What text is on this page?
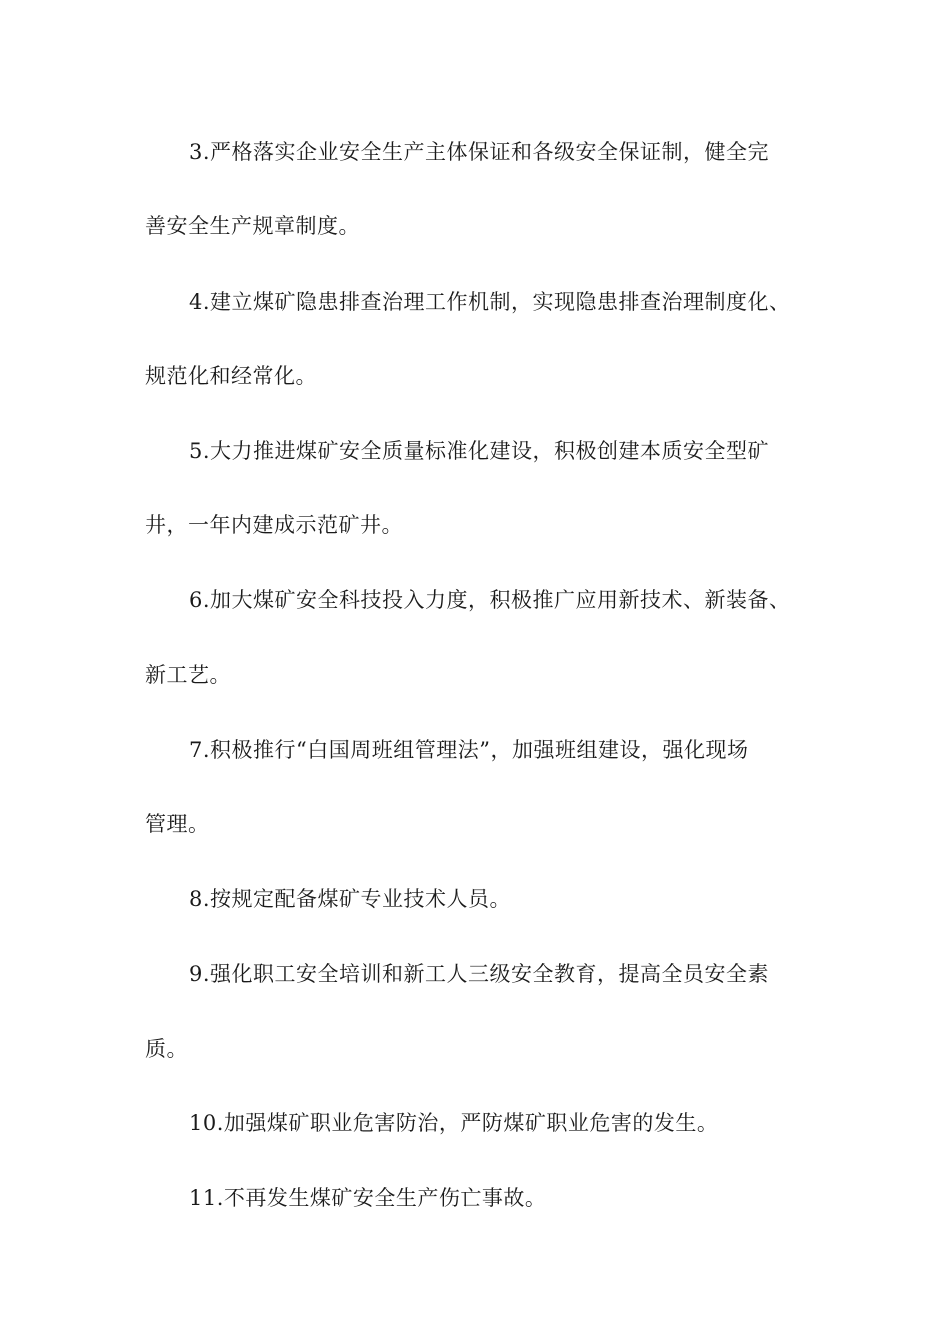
3.严格落实企业安全生产主体保证和各级安全保证制，健全完
善安全生产规章制度。
4.建立煤矿隐患排查治理工作机制，实现隐患排查治理制度化、
规范化和经常化。
5.大力推进煤矿安全质量标准化建设，积极创建本质安全型矿
井，一年内建成示范矿井。
6.加大煤矿安全科技投入力度，积极推广应用新技术、新装备、
新工艺。
7.积极推行“白国周班组管理法”，加强班组建设，强化现场
管理。
8.按规定配备煤矿专业技术人员。
9.强化职工安全培训和新工人三级安全教育，提高全员安全素
质。
10.加强煤矿职业危害防治，严防煤矿职业危害的发生。
11.不再发生煤矿安全生产伤亡事故。
